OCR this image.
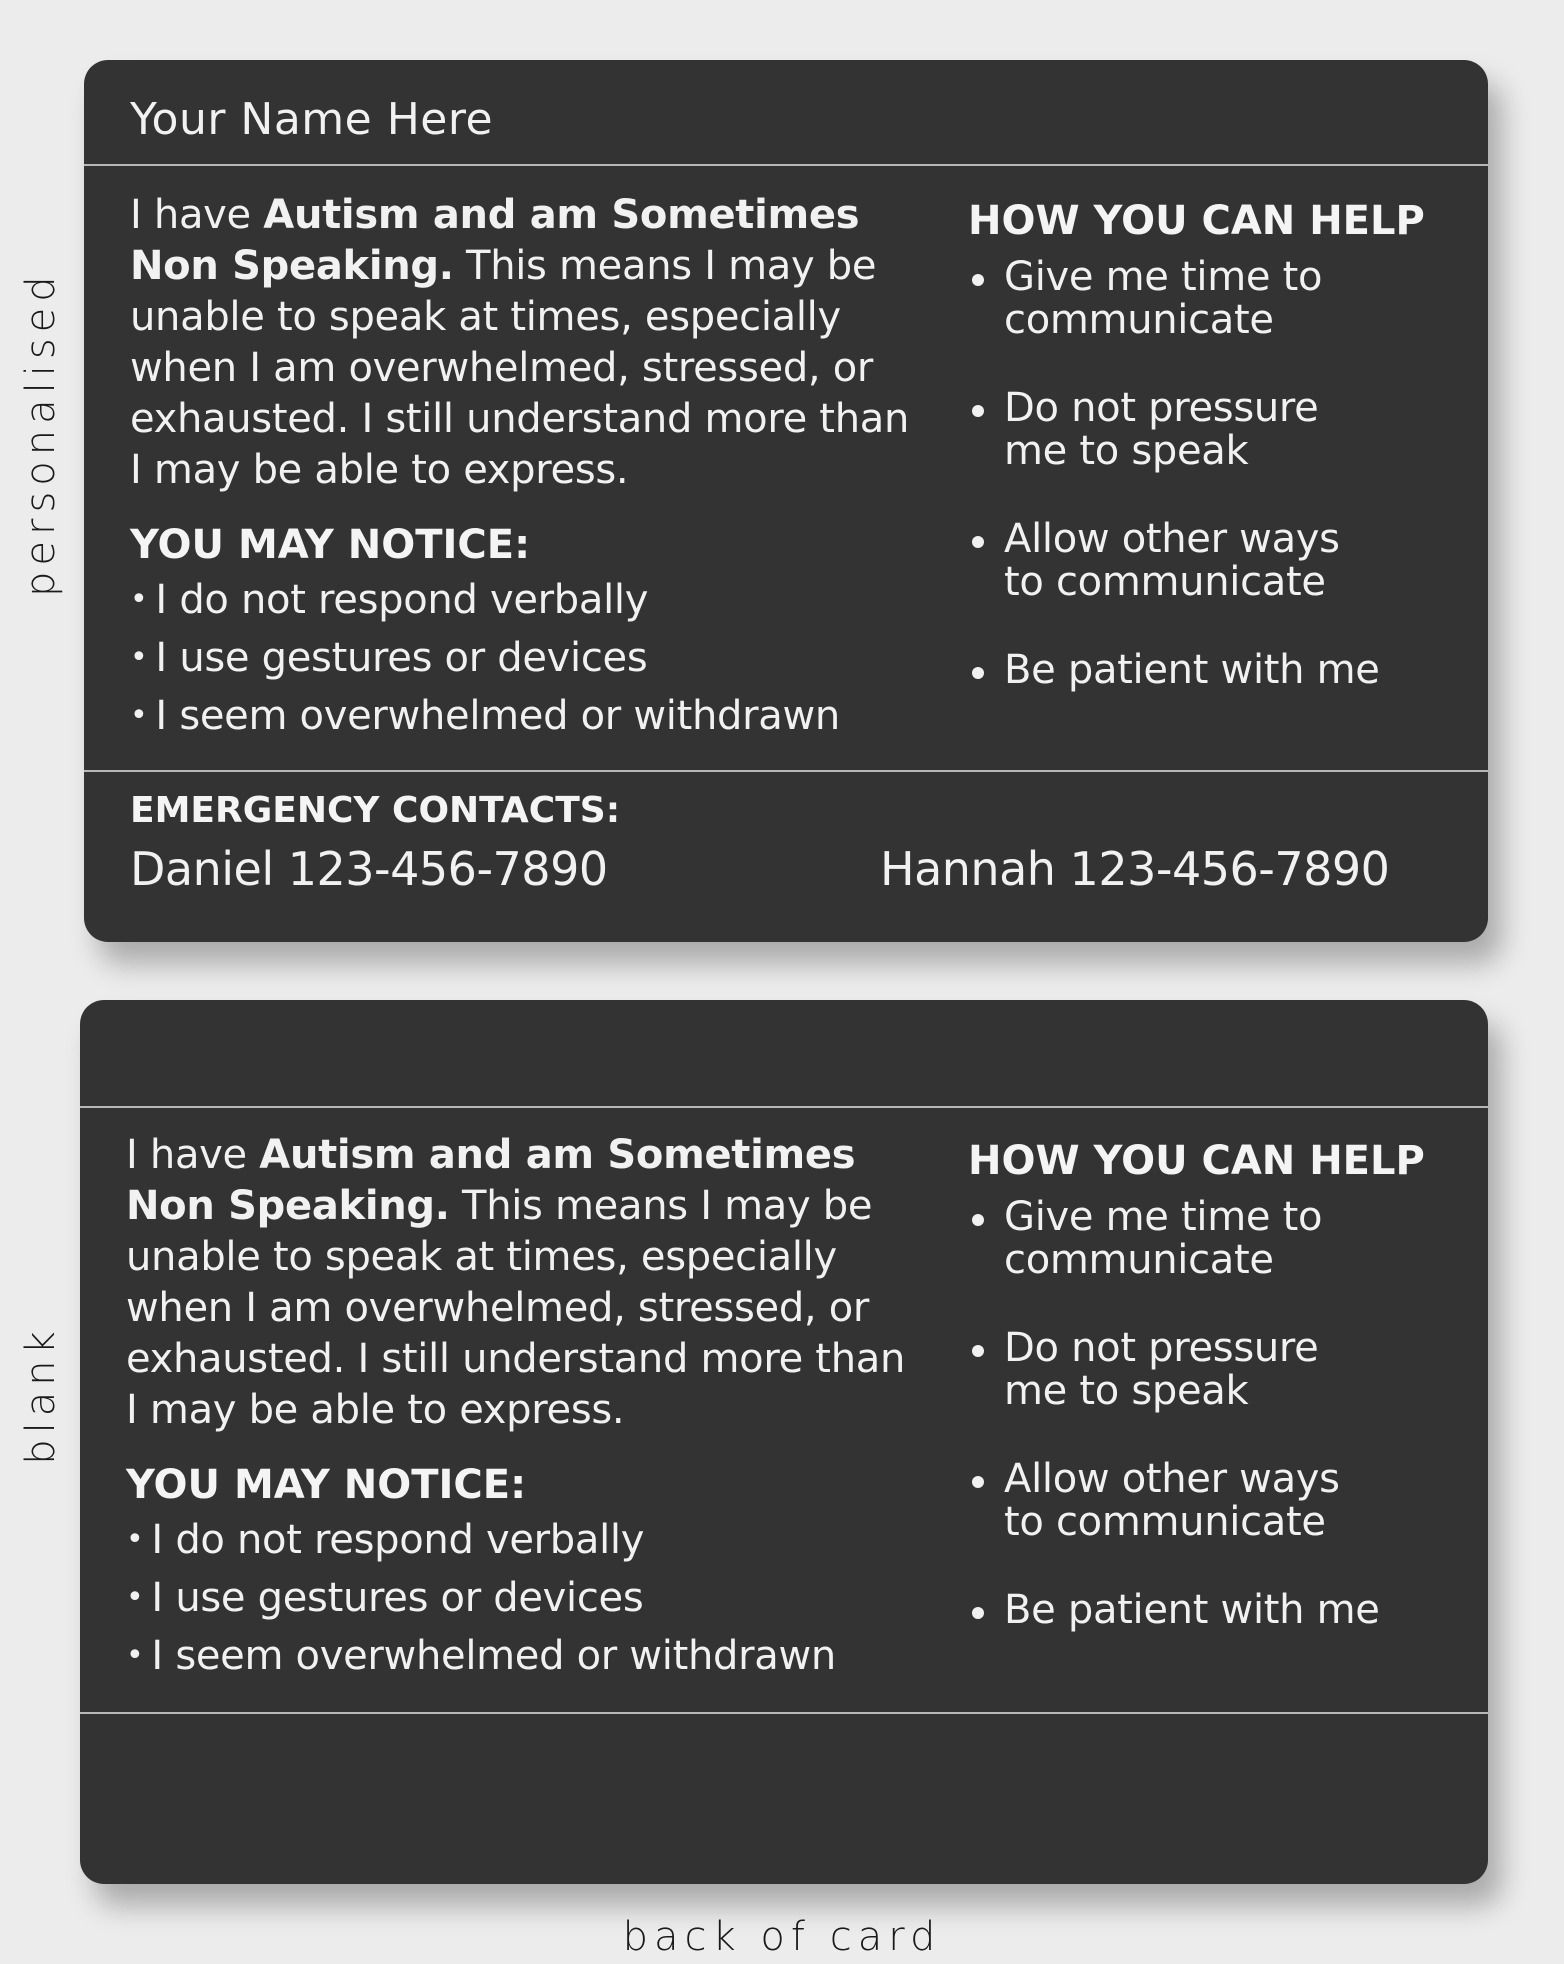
personalised
blank
Your Name Here
I have Autism and am Sometimes Non Speaking. This means I may be unable to speak at times, especially when I am overwhelmed, stressed, or exhausted. I still understand more than I may be able to express.
YOU MAY NOTICE:
• I do not respond verbally
• I use gestures or devices
• I seem overwhelmed or withdrawn
HOW YOU CAN HELP
Give me time to
communicate
Do not pressure
me to speak
Allow other ways
to communicate
Be patient with me
EMERGENCY CONTACTS:
Daniel 123-456-7890	Hannah 123-456-7890
I have Autism and am Sometimes Non Speaking. This means I may be unable to speak at times, especially when I am overwhelmed, stressed, or exhausted. I still understand more than I may be able to express.
YOU MAY NOTICE:
• I do not respond verbally
• I use gestures or devices
• I seem overwhelmed or withdrawn
HOW YOU CAN HELP
Give me time to
communicate
Do not pressure
me to speak
Allow other ways
to communicate
Be patient with me
back of card
